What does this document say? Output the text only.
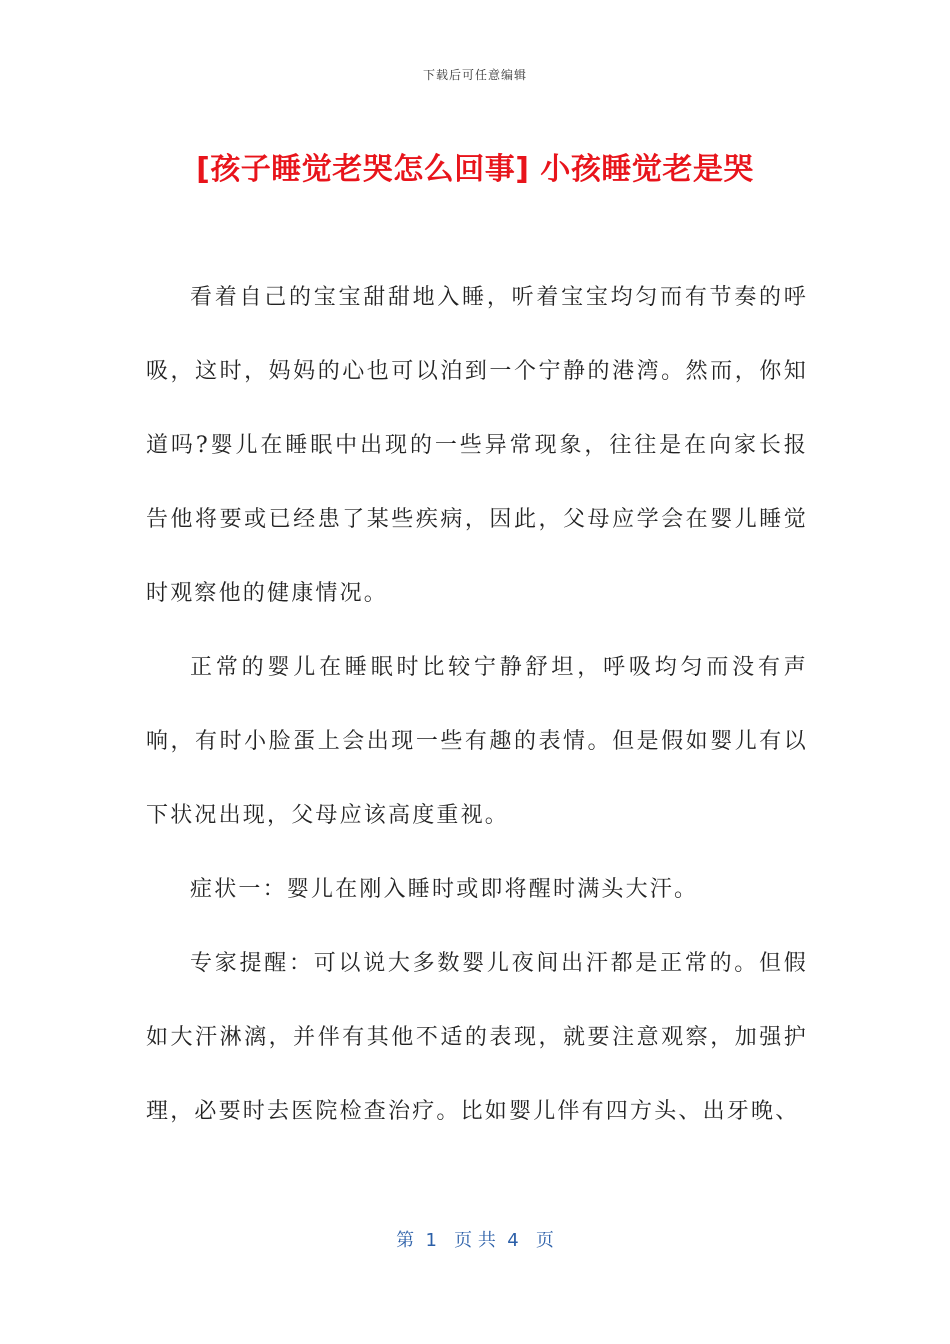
下载后可任意编辑
[孩子睡觉老哭怎么回事] 小孩睡觉老是哭

看着自己的宝宝甜甜地入睡，听着宝宝均匀而有节奏的呼吸，这时，妈妈的心也可以泊到一个宁静的港湾。然而，你知道吗?婴儿在睡眠中出现的一些异常现象，往往是在向家长报告他将要或已经患了某些疾病，因此，父母应学会在婴儿睡觉时观察他的健康情况。

正常的婴儿在睡眠时比较宁静舒坦，呼吸均匀而没有声响，有时小脸蛋上会出现一些有趣的表情。但是假如婴儿有以下状况出现，父母应该高度重视。

症状一：婴儿在刚入睡时或即将醒时满头大汗。

专家提醒：可以说大多数婴儿夜间出汗都是正常的。但假如大汗淋漓，并伴有其他不适的表现，就要注意观察，加强护理，必要时去医院检查治疗。比如婴儿伴有四方头、出牙晚、

第  1   页 共  4   页
